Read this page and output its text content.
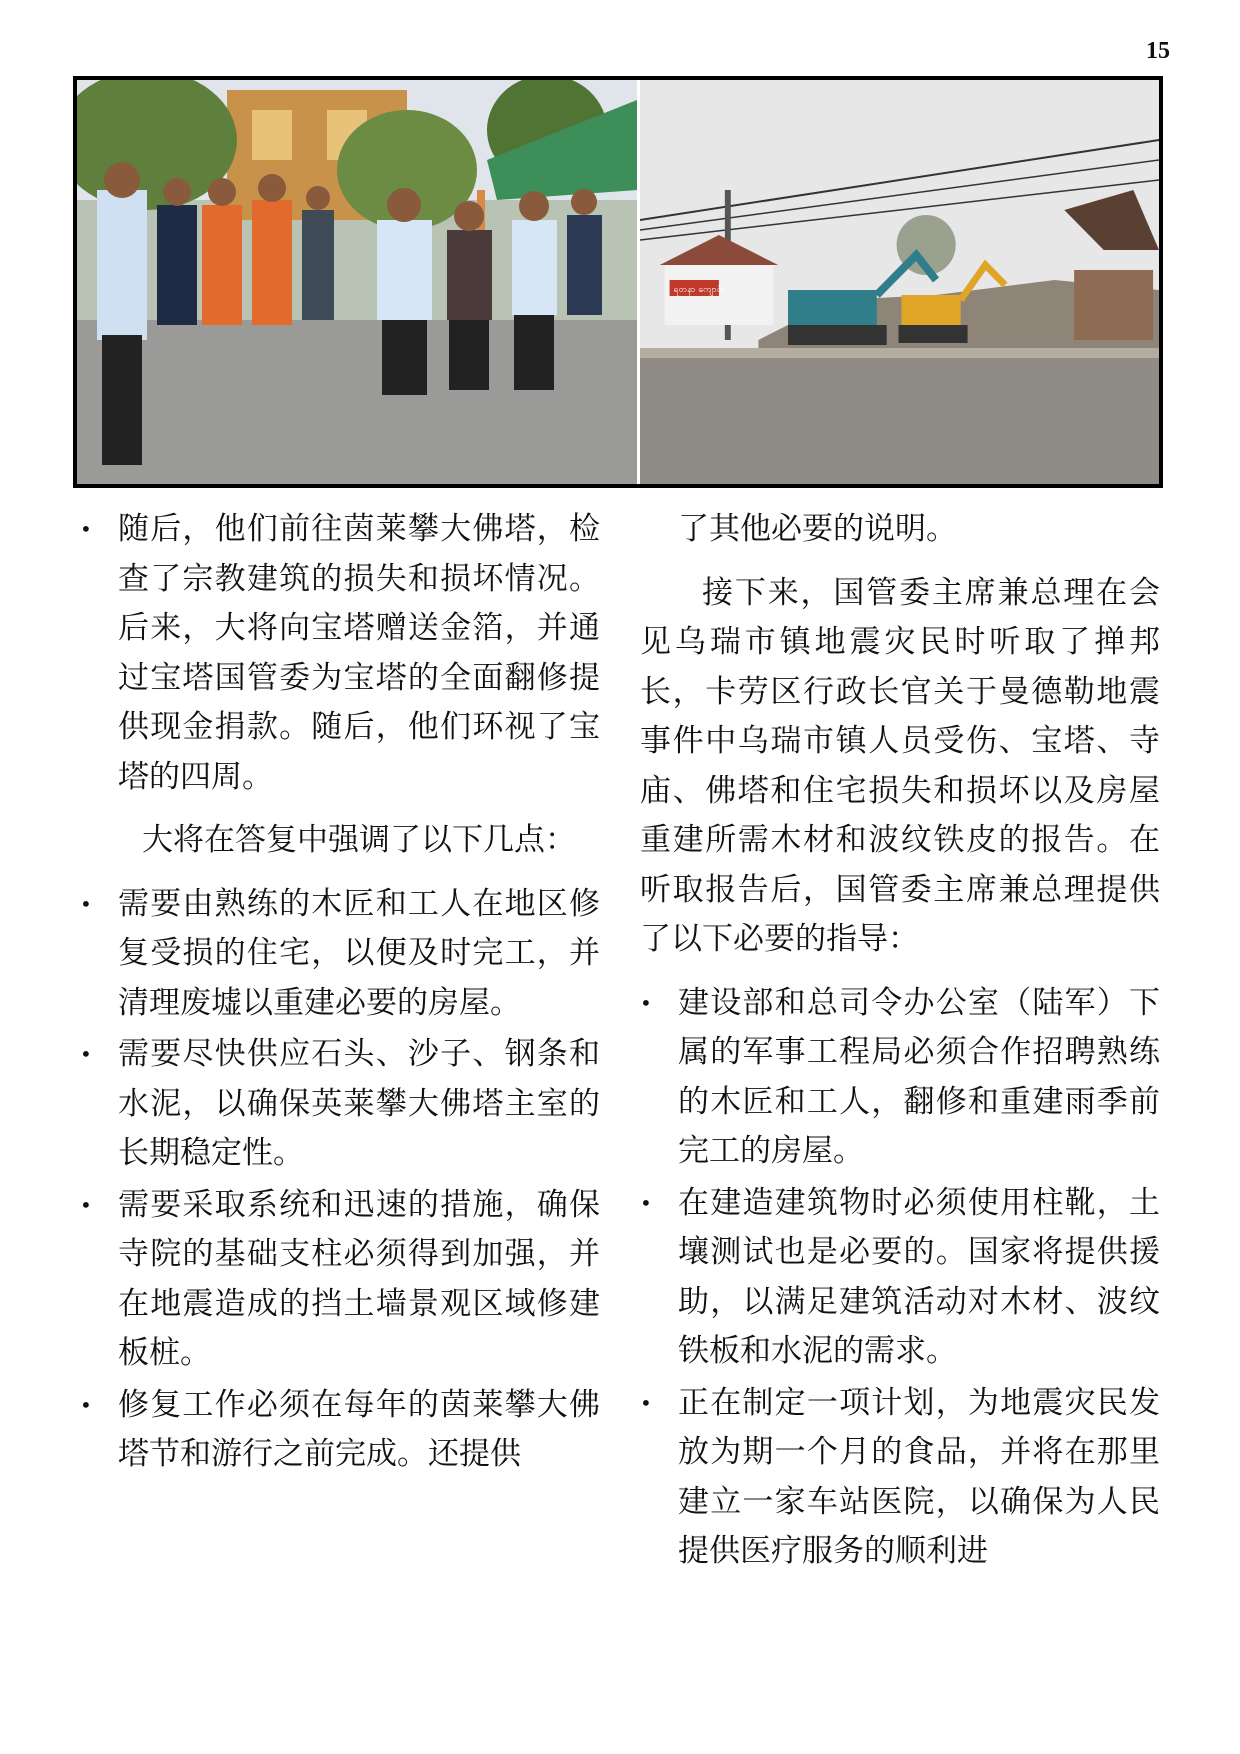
15
ရတနာ ကျောင်း
• 随后，他们前往茵莱攀大佛塔，检查了宗教建筑的损失和损坏情况。后来，大将向宝塔赠送金箔，并通过宝塔国管委为宝塔的全面翻修提供现金捐款。随后，他们环视了宝塔的四周。

大将在答复中强调了以下几点：

• 需要由熟练的木匠和工人在地区修复受损的住宅，以便及时完工，并清理废墟以重建必要的房屋。
• 需要尽快供应石头、沙子、钢条和水泥，以确保英莱攀大佛塔主室的长期稳定性。
• 需要采取系统和迅速的措施，确保寺院的基础支柱必须得到加强，并在地震造成的挡土墙景观区域修建板桩。
• 修复工作必须在每年的茵莱攀大佛塔节和游行之前完成。还提供

了其他必要的说明。

接下来，国管委主席兼总理在会见乌瑞市镇地震灾民时听取了掸邦长，卡劳区行政长官关于曼德勒地震事件中乌瑞市镇人员受伤、宝塔、寺庙、佛塔和住宅损失和损坏以及房屋重建所需木材和波纹铁皮的报告。在听取报告后，国管委主席兼总理提供了以下必要的指导：

• 建设部和总司令办公室（陆军）下属的军事工程局必须合作招聘熟练的木匠和工人，翻修和重建雨季前完工的房屋。
• 在建造建筑物时必须使用柱靴，土壤测试也是必要的。国家将提供援助，以满足建筑活动对木材、波纹铁板和水泥的需求。
• 正在制定一项计划，为地震灾民发放为期一个月的食品，并将在那里建立一家车站医院，以确保为人民提供医疗服务的顺利进
